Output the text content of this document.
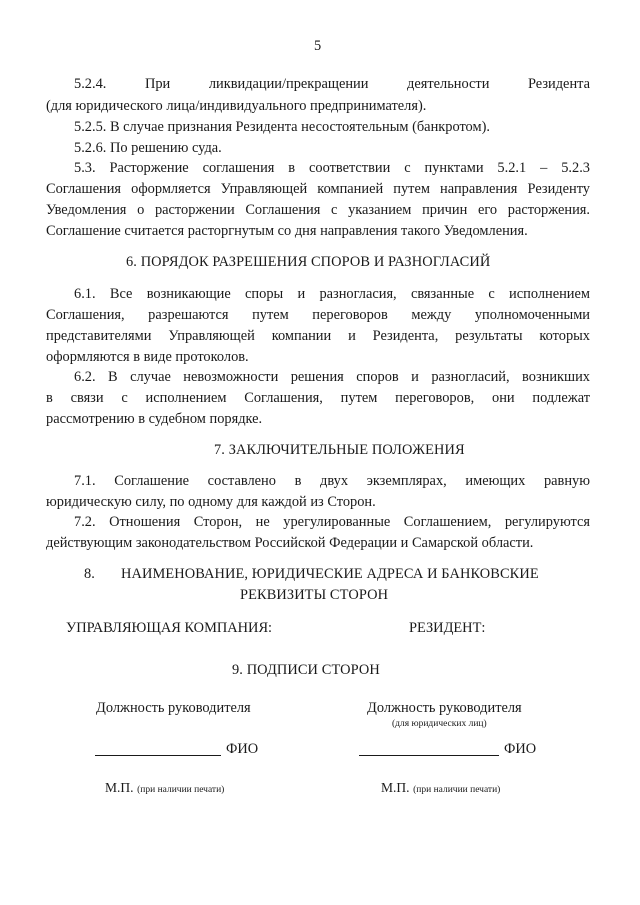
5
5.2.4. При ликвидации/прекращении деятельности Резидента
(для юридического лица/индивидуального предпринимателя).
5.2.5. В случае признания Резидента несостоятельным (банкротом).
5.2.6. По решению суда.
5.3. Расторжение соглашения в соответствии с пунктами 5.2.1 – 5.2.3
Соглашения оформляется Управляющей компанией путем направления Резиденту
Уведомления о расторжении Соглашения с указанием причин его расторжения.
Соглашение считается расторгнутым со дня направления такого Уведомления.
6. ПОРЯДОК РАЗРЕШЕНИЯ СПОРОВ И РАЗНОГЛАСИЙ
6.1. Все возникающие споры и разногласия, связанные с исполнением
Соглашения, разрешаются путем переговоров между уполномоченными
представителями Управляющей компании и Резидента, результаты которых
оформляются в виде протоколов.
6.2. В случае невозможности решения споров и разногласий, возникших
в связи с исполнением Соглашения, путем переговоров, они подлежат
рассмотрению в судебном порядке.
7. ЗАКЛЮЧИТЕЛЬНЫЕ ПОЛОЖЕНИЯ
7.1. Соглашение составлено в двух экземплярах, имеющих равную
юридическую силу, по одному для каждой из Сторон.
7.2. Отношения Сторон, не урегулированные Соглашением, регулируются
действующим законодательством Российской Федерации и Самарской области.
8. НАИМЕНОВАНИЕ, ЮРИДИЧЕСКИЕ АДРЕСА И БАНКОВСКИЕ
РЕКВИЗИТЫ СТОРОН
УПРАВЛЯЮЩАЯ КОМПАНИЯ:	РЕЗИДЕНТ:
9. ПОДПИСИ СТОРОН
Должность руководителя	Должность руководителя
(для юридических лиц)
ФИО	ФИО
М.П. (при наличии печати)	М.П. (при наличии печати)
